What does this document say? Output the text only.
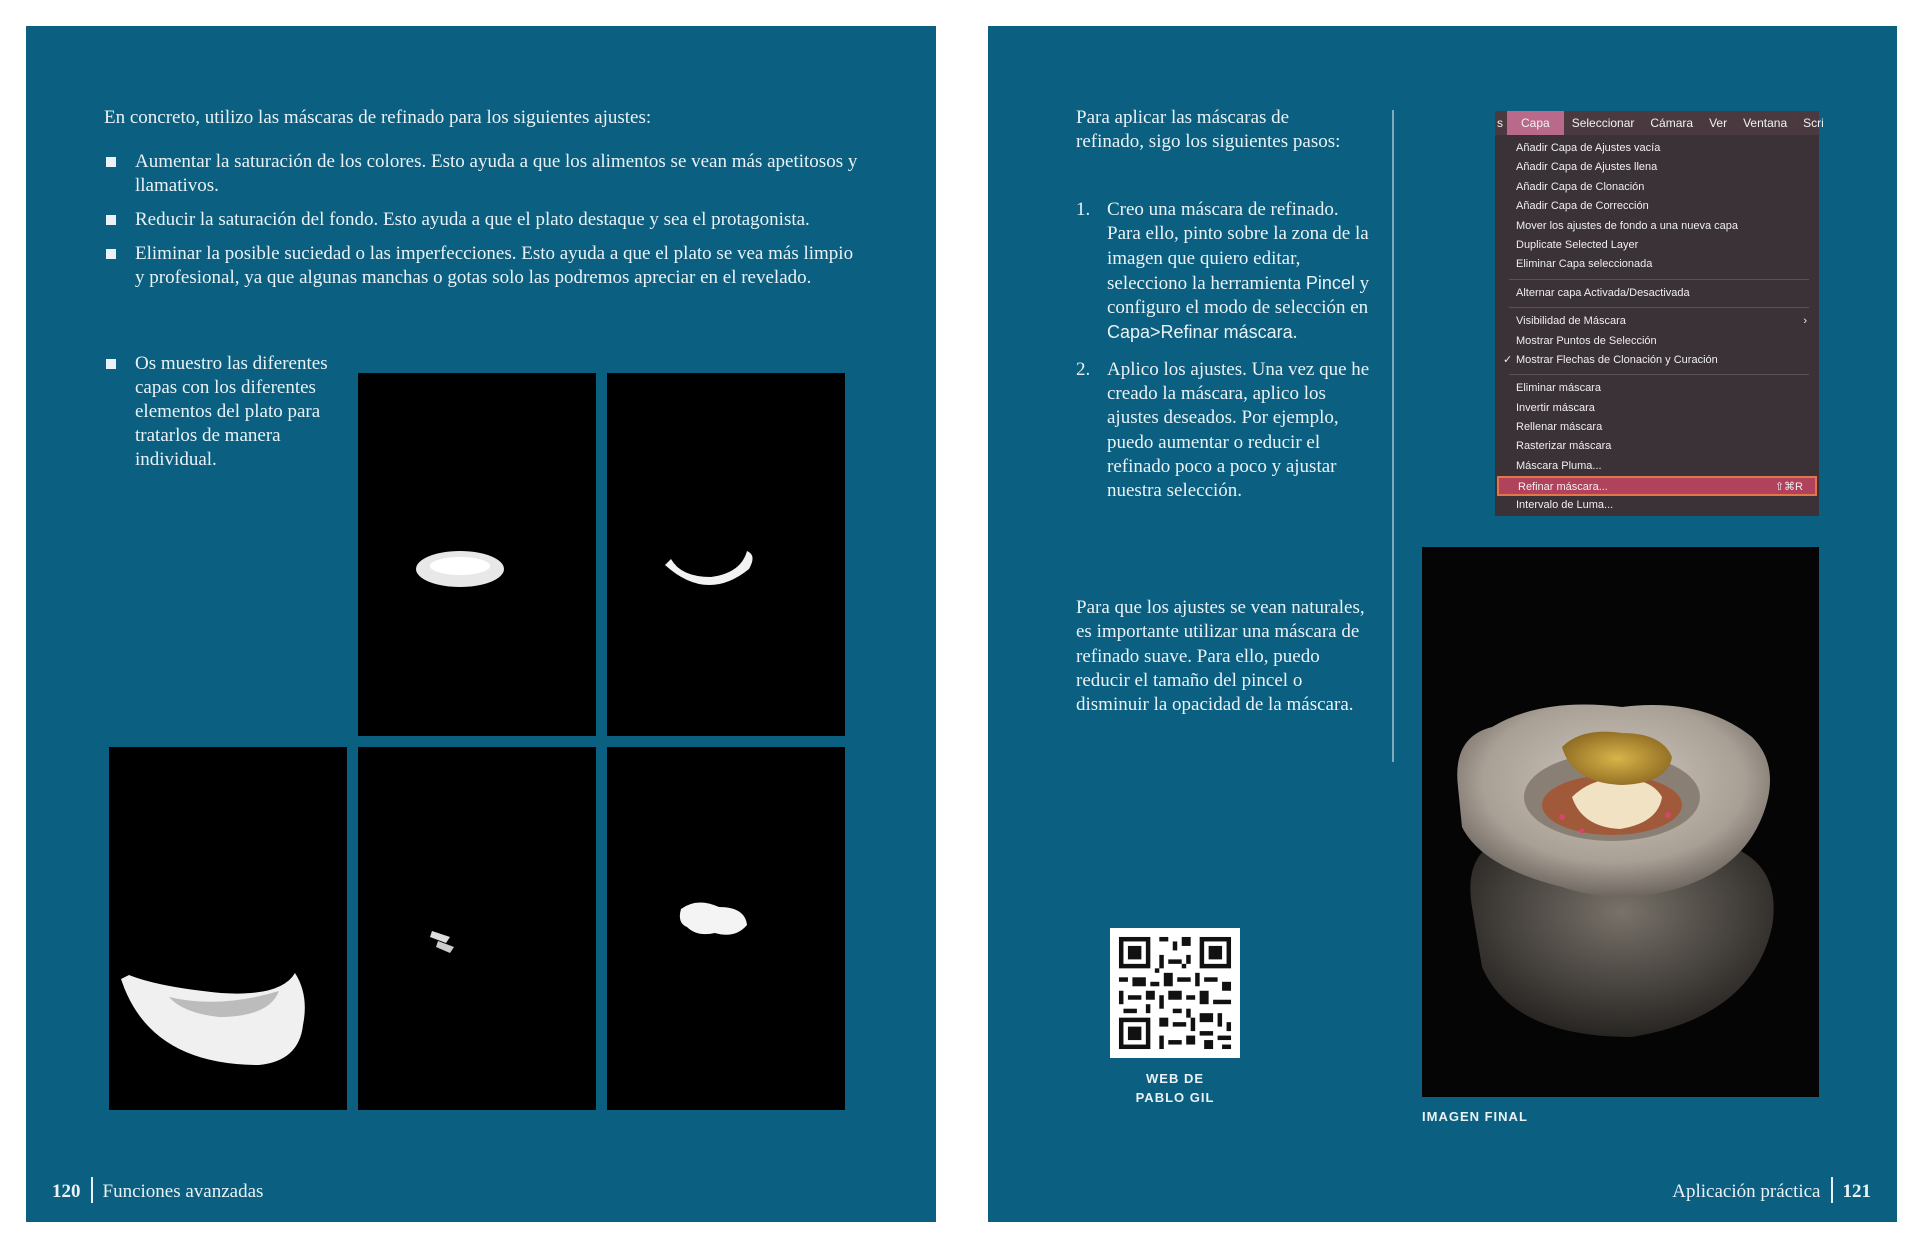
En concreto, utilizo las máscaras de refinado para los siguientes ajustes:

Aumentar la saturación de los colores. Esto ayuda a que los alimentos se vean más apetitosos y llamativos.
Reducir la saturación del fondo. Esto ayuda a que el plato destaque y sea el protagonista.
Eliminar la posible suciedad o las imperfecciones. Esto ayuda a que el plato se vea más limpio y profesional, ya que algunas manchas o gotas solo las podremos apreciar en el revelado.
Os muestro las diferentes capas con los diferentes elementos del plato para tratarlos de manera individual.
120 Funciones avanzadas

Para aplicar las máscaras de refinado, sigo los siguientes pasos:

1. Creo una máscara de refinado. Para ello, pinto sobre la zona de la imagen que quiero editar, selecciono la herramienta Pincel y configuro el modo de selección en Capa>Refinar máscara.
2. Aplico los ajustes. Una vez que he creado la máscara, aplico los ajustes deseados. Por ejemplo, puedo aumentar o reducir el refinado poco a poco y ajustar nuestra selección.

Para que los ajustes se vean naturales, es importante utilizar una máscara de refinado suave. Para ello, puedo reducir el tamaño del pincel o disminuir la opacidad de la máscara.

s	Capa	Seleccionar	Cámara	Ver	Ventana	Scri
Añadir Capa de Ajustes vacía
Añadir Capa de Ajustes llena
Añadir Capa de Clonación
Añadir Capa de Corrección
Mover los ajustes de fondo a una nueva capa
Duplicate Selected Layer
Eliminar Capa seleccionada
Alternar capa Activada/Desactivada
Visibilidad de Máscara	›
Mostrar Puntos de Selección
✓ Mostrar Flechas de Clonación y Curación
Eliminar máscara
Invertir máscara
Rellenar máscara
Rasterizar máscara
Máscara Pluma...
Refinar máscara...	⇧⌘R
Intervalo de Luma...
WEB DE
PABLO GIL
IMAGEN FINAL
Aplicación práctica 121
